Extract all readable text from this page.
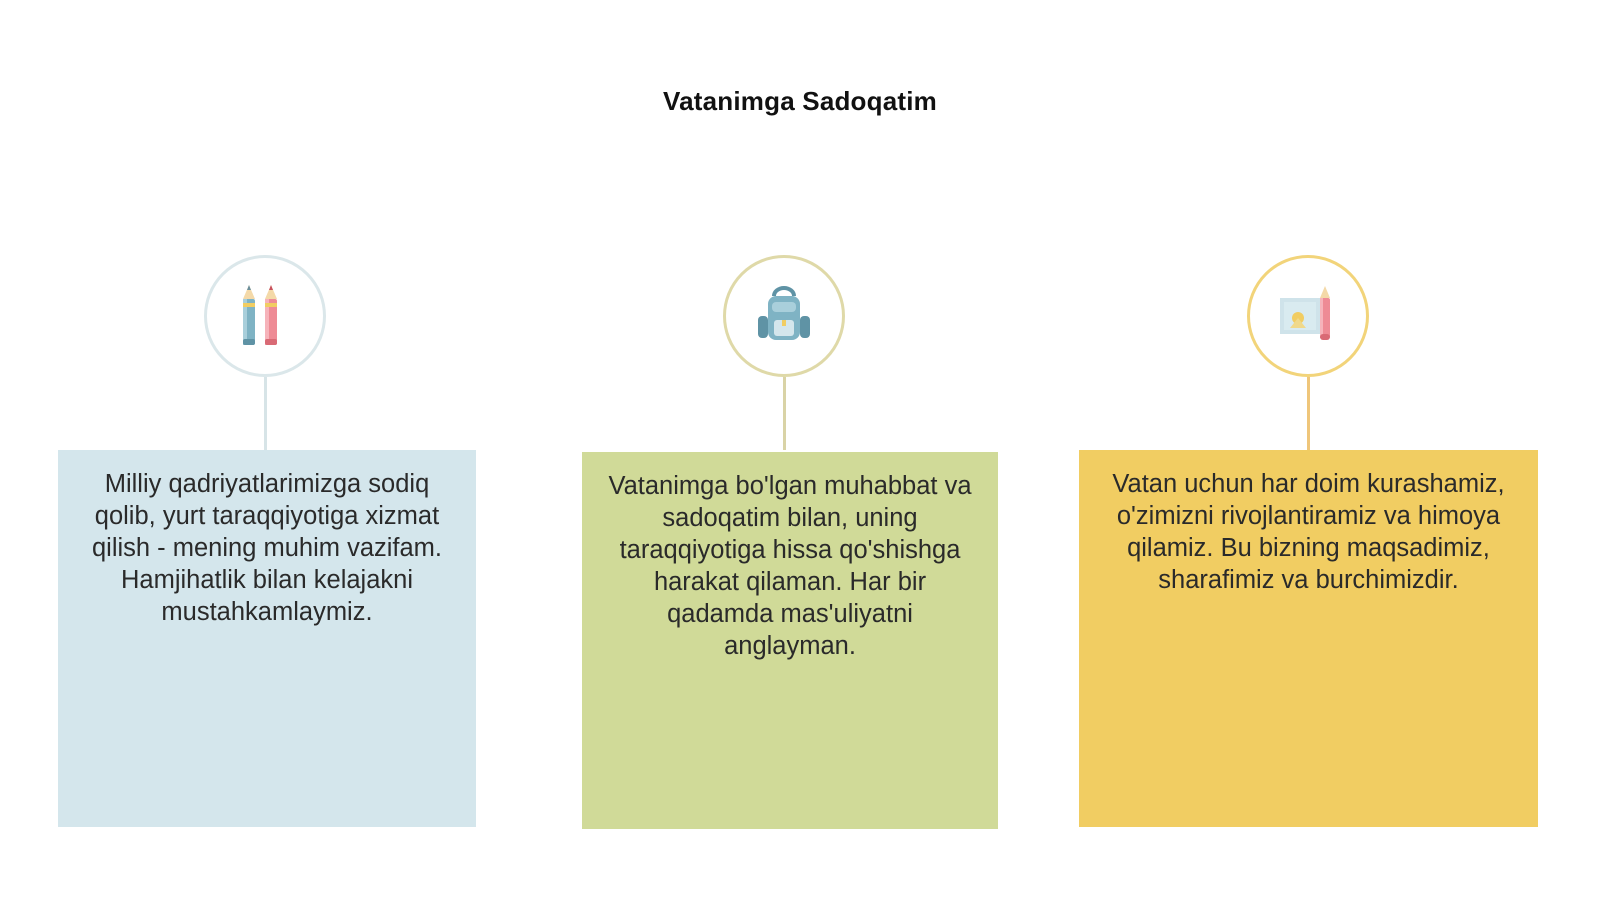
Vatanimga Sadoqatim

Milliy qadriyatlarimizga sodiq qolib, yurt taraqqiyotiga xizmat qilish - mening muhim vazifam. Hamjihatlik bilan kelajakni mustahkamlaymiz.

Vatanimga bo'lgan muhabbat va sadoqatim bilan, uning taraqqiyotiga hissa qo'shishga harakat qilaman. Har bir qadamda mas'uliyatni anglayman.

Vatan uchun har doim kurashamiz, o'zimizni rivojlantiramiz va himoya qilamiz. Bu bizning maqsadimiz, sharafimiz va burchimizdir.
